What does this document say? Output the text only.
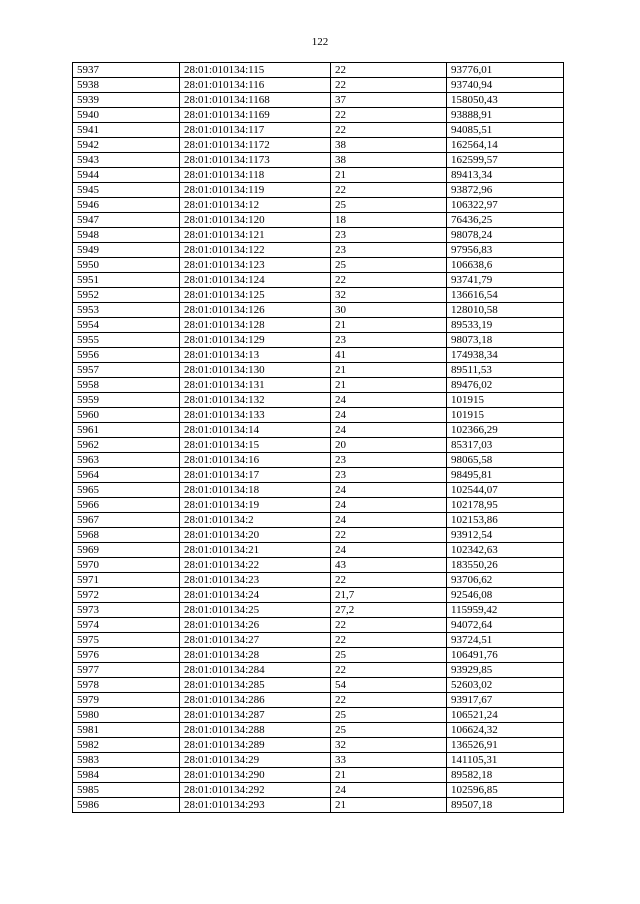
122
5937	28:01:010134:115	22	93776,01
5938	28:01:010134:116	22	93740,94
5939	28:01:010134:1168	37	158050,43
5940	28:01:010134:1169	22	93888,91
5941	28:01:010134:117	22	94085,51
5942	28:01:010134:1172	38	162564,14
5943	28:01:010134:1173	38	162599,57
5944	28:01:010134:118	21	89413,34
5945	28:01:010134:119	22	93872,96
5946	28:01:010134:12	25	106322,97
5947	28:01:010134:120	18	76436,25
5948	28:01:010134:121	23	98078,24
5949	28:01:010134:122	23	97956,83
5950	28:01:010134:123	25	106638,6
5951	28:01:010134:124	22	93741,79
5952	28:01:010134:125	32	136616,54
5953	28:01:010134:126	30	128010,58
5954	28:01:010134:128	21	89533,19
5955	28:01:010134:129	23	98073,18
5956	28:01:010134:13	41	174938,34
5957	28:01:010134:130	21	89511,53
5958	28:01:010134:131	21	89476,02
5959	28:01:010134:132	24	101915
5960	28:01:010134:133	24	101915
5961	28:01:010134:14	24	102366,29
5962	28:01:010134:15	20	85317,03
5963	28:01:010134:16	23	98065,58
5964	28:01:010134:17	23	98495,81
5965	28:01:010134:18	24	102544,07
5966	28:01:010134:19	24	102178,95
5967	28:01:010134:2	24	102153,86
5968	28:01:010134:20	22	93912,54
5969	28:01:010134:21	24	102342,63
5970	28:01:010134:22	43	183550,26
5971	28:01:010134:23	22	93706,62
5972	28:01:010134:24	21,7	92546,08
5973	28:01:010134:25	27,2	115959,42
5974	28:01:010134:26	22	94072,64
5975	28:01:010134:27	22	93724,51
5976	28:01:010134:28	25	106491,76
5977	28:01:010134:284	22	93929,85
5978	28:01:010134:285	54	52603,02
5979	28:01:010134:286	22	93917,67
5980	28:01:010134:287	25	106521,24
5981	28:01:010134:288	25	106624,32
5982	28:01:010134:289	32	136526,91
5983	28:01:010134:29	33	141105,31
5984	28:01:010134:290	21	89582,18
5985	28:01:010134:292	24	102596,85
5986	28:01:010134:293	21	89507,18
